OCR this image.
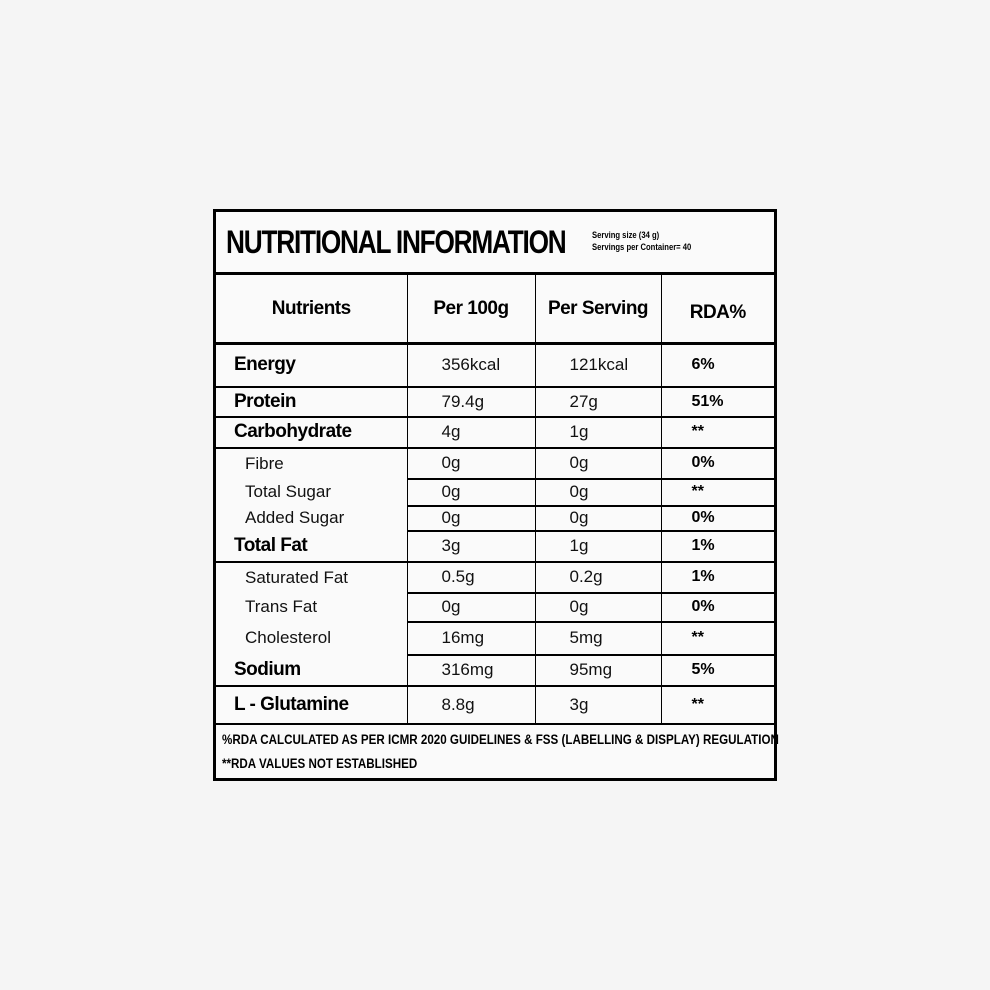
NUTRITIONAL INFORMATION	Serving size (34 g)
Servings per Container= 40
Nutrients	Per 100g	Per Serving	RDA%
Energy	356kcal	121kcal	6%
Protein	79.4g	27g	51%
Carbohydrate	4g	1g	**
Fibre	0g	0g	0%
Total Sugar	0g	0g	**
Added Sugar	0g	0g	0%
Total Fat	3g	1g	1%
Saturated Fat	0.5g	0.2g	1%
Trans Fat	0g	0g	0%
Cholesterol	16mg	5mg	**
Sodium	316mg	95mg	5%
L - Glutamine	8.8g	3g	**
%RDA CALCULATED AS PER ICMR 2020 GUIDELINES & FSS (LABELLING & DISPLAY) REGULATION
**RDA VALUES NOT ESTABLISHED
